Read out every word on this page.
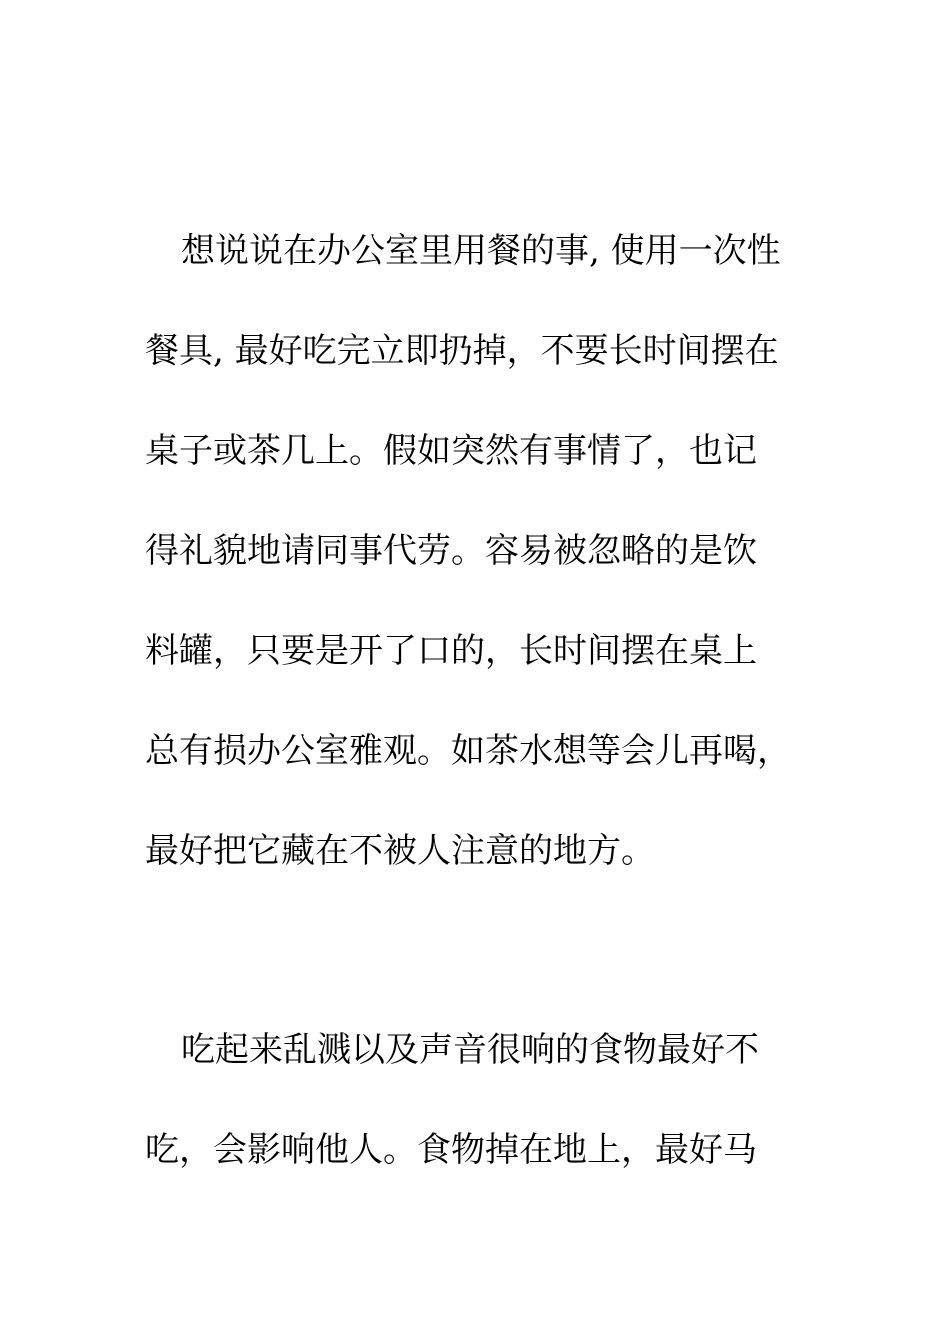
想说说在办公室里用餐的事, 使用一次性
餐具, 最好吃完立即扔掉，不要长时间摆在
桌子或茶几上。假如突然有事情了，也记
得礼貌地请同事代劳。容易被忽略的是饮
料罐，只要是开了口的，长时间摆在桌上
总有损办公室雅观。如茶水想等会儿再喝，
最好把它藏在不被人注意的地方。
吃起来乱溅以及声音很响的食物最好不
吃，会影响他人。食物掉在地上，最好马
